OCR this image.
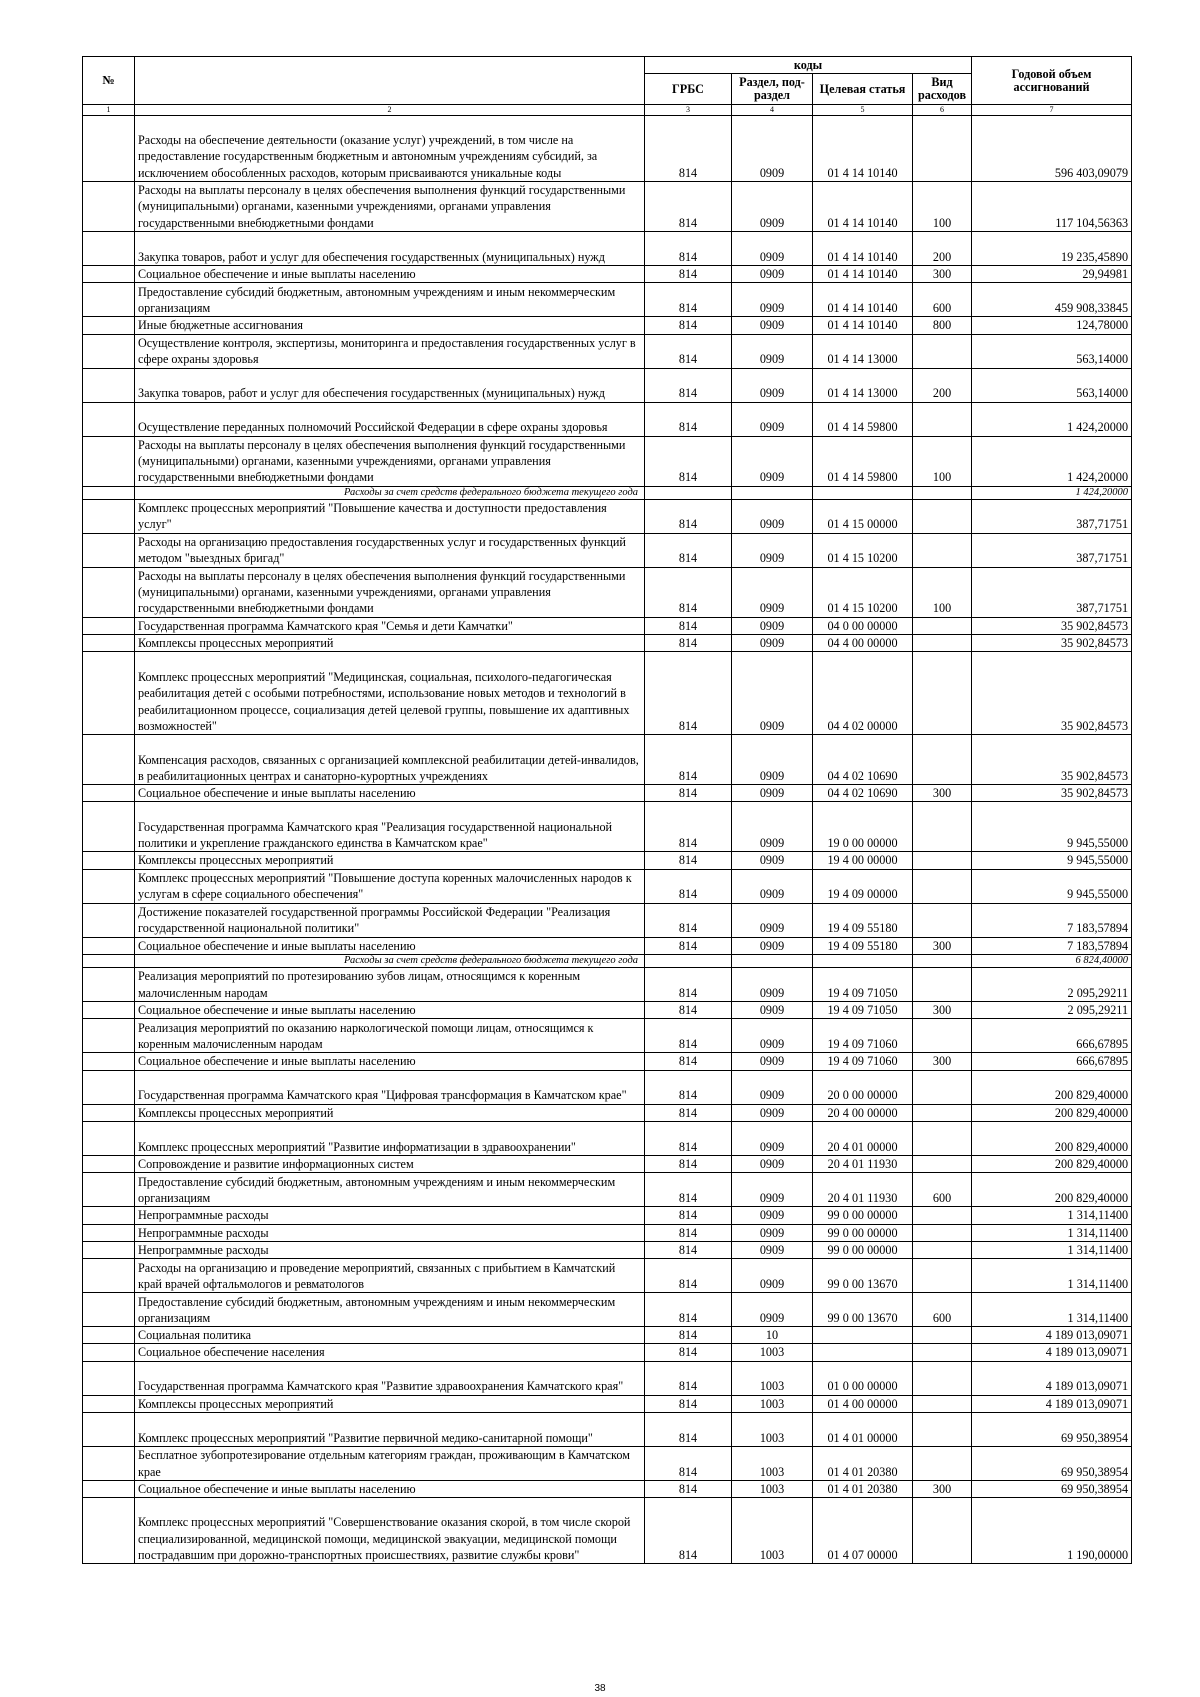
№		коды				Годовой объем ассигнований
		ГРБС	Раздел, под-раздел	Целевая статья	Вид расходов	
1	2	3	4	5	6	7
	Расходы на обеспечение деятельности (оказание услуг) учреждений, в том числе на предоставление государственным бюджетным и автономным учреждениям субсидий, за исключением обособленных расходов, которым присваиваются уникальные коды	814	0909	01 4 14 10140		596 403,09079
	Расходы на выплаты персоналу в целях обеспечения выполнения функций государственными (муниципальными) органами, казенными учреждениями, органами управления государственными внебюджетными фондами	814	0909	01 4 14 10140	100	117 104,56363
	Закупка товаров, работ и услуг для обеспечения государственных (муниципальных) нужд	814	0909	01 4 14 10140	200	19 235,45890
	Социальное обеспечение и иные выплаты населению	814	0909	01 4 14 10140	300	29,94981
	Предоставление субсидий бюджетным, автономным учреждениям и иным некоммерческим организациям	814	0909	01 4 14 10140	600	459 908,33845
	Иные бюджетные ассигнования	814	0909	01 4 14 10140	800	124,78000
	Осуществление контроля, экспертизы, мониторинга и предоставления государственных услуг в сфере охраны здоровья	814	0909	01 4 14 13000		563,14000
	Закупка товаров, работ и услуг для обеспечения государственных (муниципальных) нужд	814	0909	01 4 14 13000	200	563,14000
	Осуществление переданных полномочий Российской Федерации в сфере охраны здоровья	814	0909	01 4 14 59800		1 424,20000
	Расходы на выплаты персоналу в целях обеспечения выполнения функций государственными (муниципальными) органами, казенными учреждениями, органами управления государственными внебюджетными фондами	814	0909	01 4 14 59800	100	1 424,20000
	Расходы за счет средств федерального бюджета текущего года					1 424,20000
	Комплекс процессных мероприятий "Повышение качества и доступности предоставления услуг"	814	0909	01 4 15 00000		387,71751
	Расходы на организацию предоставления государственных услуг и государственных функций методом "выездных бригад"	814	0909	01 4 15 10200		387,71751
	Расходы на выплаты персоналу в целях обеспечения выполнения функций государственными (муниципальными) органами, казенными учреждениями, органами управления государственными внебюджетными фондами	814	0909	01 4 15 10200	100	387,71751
	Государственная программа Камчатского края "Семья и дети Камчатки"	814	0909	04 0 00 00000		35 902,84573
	Комплексы процессных мероприятий	814	0909	04 4 00 00000		35 902,84573
	Комплекс процессных мероприятий "Медицинская, социальная, психолого-педагогическая реабилитация детей с особыми потребностями, использование новых методов и технологий в реабилитационном процессе, социализация детей целевой группы, повышение их адаптивных возможностей"	814	0909	04 4 02 00000		35 902,84573
	Компенсация расходов, связанных с организацией комплексной реабилитации детей-инвалидов, в реабилитационных центрах и санаторно-курортных учреждениях	814	0909	04 4 02 10690		35 902,84573
	Социальное обеспечение и иные выплаты населению	814	0909	04 4 02 10690	300	35 902,84573
	Государственная программа Камчатского края "Реализация государственной национальной политики и укрепление гражданского единства в Камчатском крае"	814	0909	19 0 00 00000		9 945,55000
	Комплексы процессных мероприятий	814	0909	19 4 00 00000		9 945,55000
	Комплекс процессных мероприятий "Повышение доступа коренных малочисленных народов к услугам в сфере социального обеспечения"	814	0909	19 4 09 00000		9 945,55000
	Достижение показателей государственной программы Российской Федерации "Реализация государственной национальной политики"	814	0909	19 4 09 55180		7 183,57894
	Социальное обеспечение и иные выплаты населению	814	0909	19 4 09 55180	300	7 183,57894
	Расходы за счет средств федерального бюджета текущего года					6 824,40000
	Реализация мероприятий по протезированию зубов лицам, относящимся к коренным малочисленным народам	814	0909	19 4 09 71050		2 095,29211
	Социальное обеспечение и иные выплаты населению	814	0909	19 4 09 71050	300	2 095,29211
	Реализация мероприятий по оказанию наркологической помощи лицам, относящимся к коренным малочисленным народам	814	0909	19 4 09 71060		666,67895
	Социальное обеспечение и иные выплаты населению	814	0909	19 4 09 71060	300	666,67895
	Государственная программа Камчатского края "Цифровая трансформация в Камчатском крае"	814	0909	20 0 00 00000		200 829,40000
	Комплексы процессных мероприятий	814	0909	20 4 00 00000		200 829,40000
	Комплекс процессных мероприятий "Развитие информатизации в здравоохранении"	814	0909	20 4 01 00000		200 829,40000
	Сопровождение и развитие информационных систем	814	0909	20 4 01 11930		200 829,40000
	Предоставление субсидий бюджетным, автономным учреждениям и иным некоммерческим организациям	814	0909	20 4 01 11930	600	200 829,40000
	Непрограммные расходы	814	0909	99 0 00 00000		1 314,11400
	Непрограммные расходы	814	0909	99 0 00 00000		1 314,11400
	Непрограммные расходы	814	0909	99 0 00 00000		1 314,11400
	Расходы на организацию и проведение мероприятий, связанных с прибытием в Камчатский край врачей офтальмологов и ревматологов	814	0909	99 0 00 13670		1 314,11400
	Предоставление субсидий бюджетным, автономным учреждениям и иным некоммерческим организациям	814	0909	99 0 00 13670	600	1 314,11400
	Социальная политика	814	10			4 189 013,09071
	Социальное обеспечение населения	814	1003			4 189 013,09071
	Государственная программа Камчатского края "Развитие здравоохранения Камчатского края"	814	1003	01 0 00 00000		4 189 013,09071
	Комплексы процессных мероприятий	814	1003	01 4 00 00000		4 189 013,09071
	Комплекс процессных мероприятий "Развитие первичной медико-санитарной помощи"	814	1003	01 4 01 00000		69 950,38954
	Бесплатное зубопротезирование отдельным категориям граждан, проживающим в Камчатском крае	814	1003	01 4 01 20380		69 950,38954
	Социальное обеспечение и иные выплаты населению	814	1003	01 4 01 20380	300	69 950,38954
	Комплекс процессных мероприятий "Совершенствование оказания скорой, в том числе скорой специализированной, медицинской помощи, медицинской эвакуации, медицинской помощи пострадавшим при дорожно-транспортных происшествиях, развитие службы крови"	814	1003	01 4 07 00000		1 190,00000
38
